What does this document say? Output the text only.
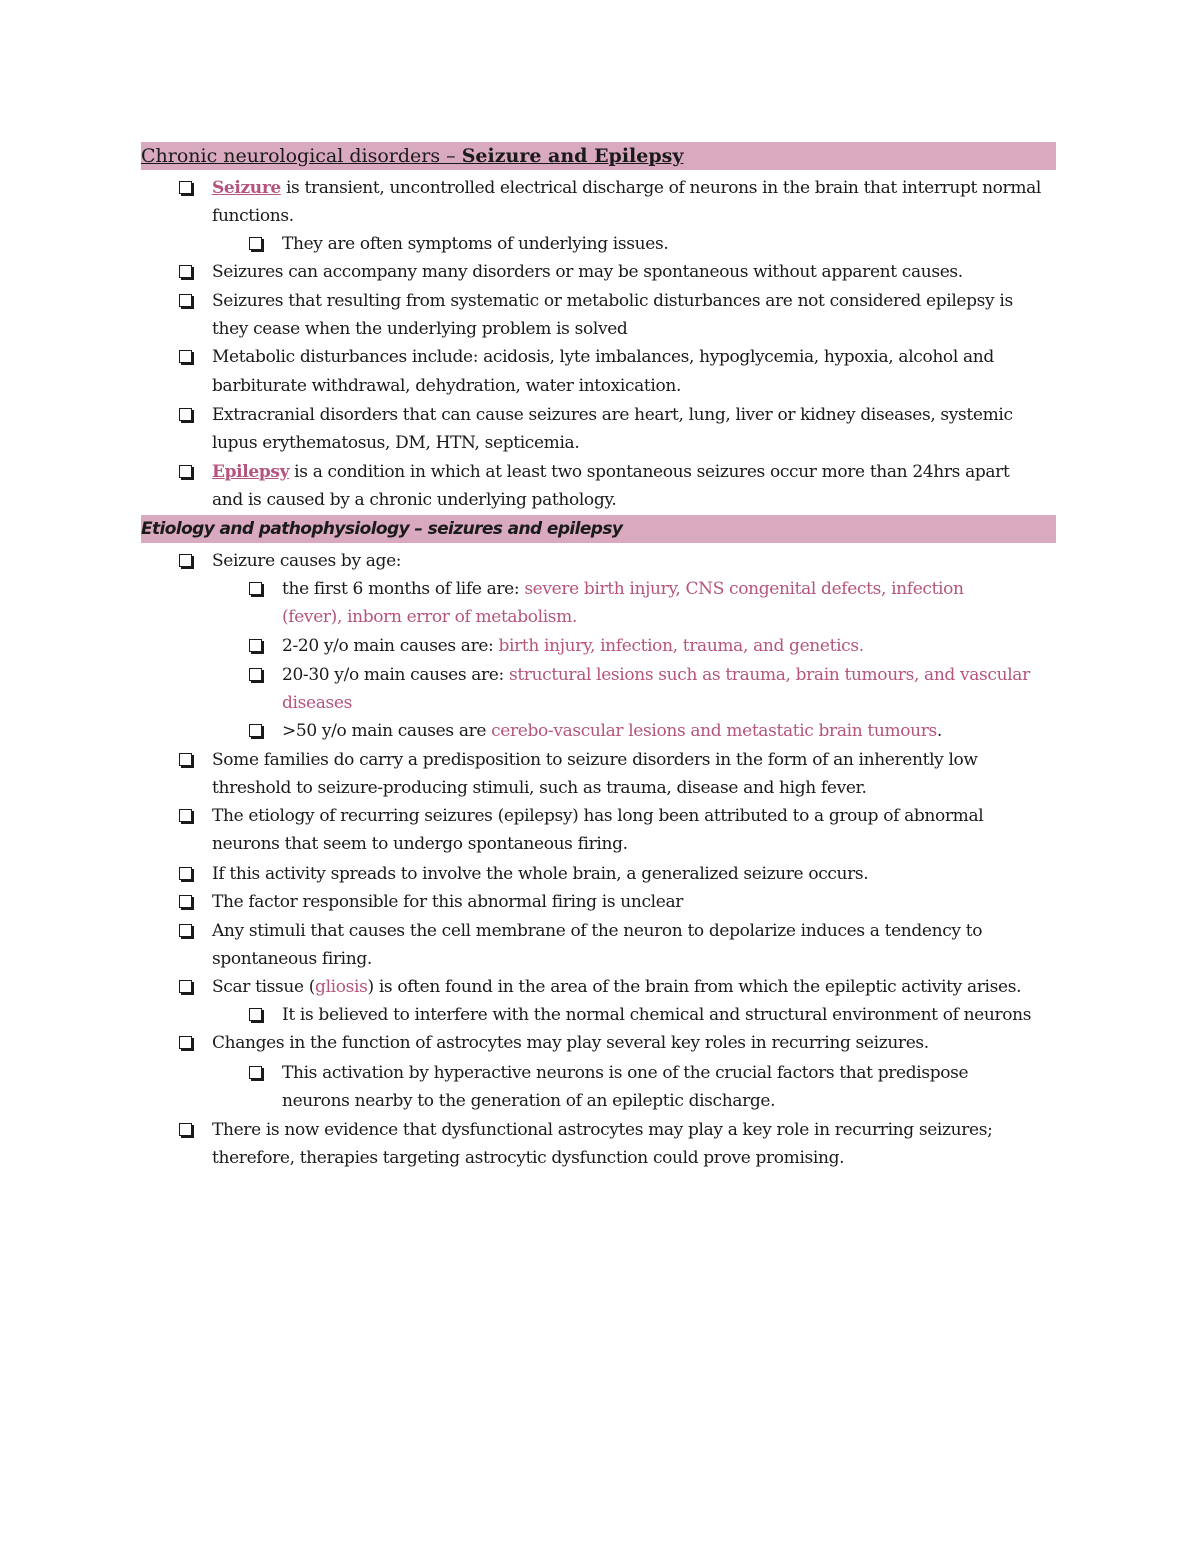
Chronic neurological disorders – Seizure and Epilepsy
Seizure is transient, uncontrolled electrical discharge of neurons in the brain that interrupt normal
functions.
They are often symptoms of underlying issues.
Seizures can accompany many disorders or may be spontaneous without apparent causes.
Seizures that resulting from systematic or metabolic disturbances are not considered epilepsy is
they cease when the underlying problem is solved
Metabolic disturbances include: acidosis, lyte imbalances, hypoglycemia, hypoxia, alcohol and
barbiturate withdrawal, dehydration, water intoxication.
Extracranial disorders that can cause seizures are heart, lung, liver or kidney diseases, systemic
lupus erythematosus, DM, HTN, septicemia.
Epilepsy is a condition in which at least two spontaneous seizures occur more than 24hrs apart
and is caused by a chronic underlying pathology.
Etiology and pathophysiology – seizures and epilepsy
Seizure causes by age:
the first 6 months of life are: severe birth injury, CNS congenital defects, infection
(fever), inborn error of metabolism.
2-20 y/o main causes are: birth injury, infection, trauma, and genetics.
20-30 y/o main causes are: structural lesions such as trauma, brain tumours, and vascular
diseases
>50 y/o main causes are cerebo-vascular lesions and metastatic brain tumours.
Some families do carry a predisposition to seizure disorders in the form of an inherently low
threshold to seizure-producing stimuli, such as trauma, disease and high fever.
The etiology of recurring seizures (epilepsy) has long been attributed to a group of abnormal
neurons that seem to undergo spontaneous firing.
If this activity spreads to involve the whole brain, a generalized seizure occurs.
The factor responsible for this abnormal firing is unclear
Any stimuli that causes the cell membrane of the neuron to depolarize induces a tendency to
spontaneous firing.
Scar tissue (gliosis) is often found in the area of the brain from which the epileptic activity arises.
It is believed to interfere with the normal chemical and structural environment of neurons
Changes in the function of astrocytes may play several key roles in recurring seizures.
This activation by hyperactive neurons is one of the crucial factors that predispose
neurons nearby to the generation of an epileptic discharge.
There is now evidence that dysfunctional astrocytes may play a key role in recurring seizures;
therefore, therapies targeting astrocytic dysfunction could prove promising.
